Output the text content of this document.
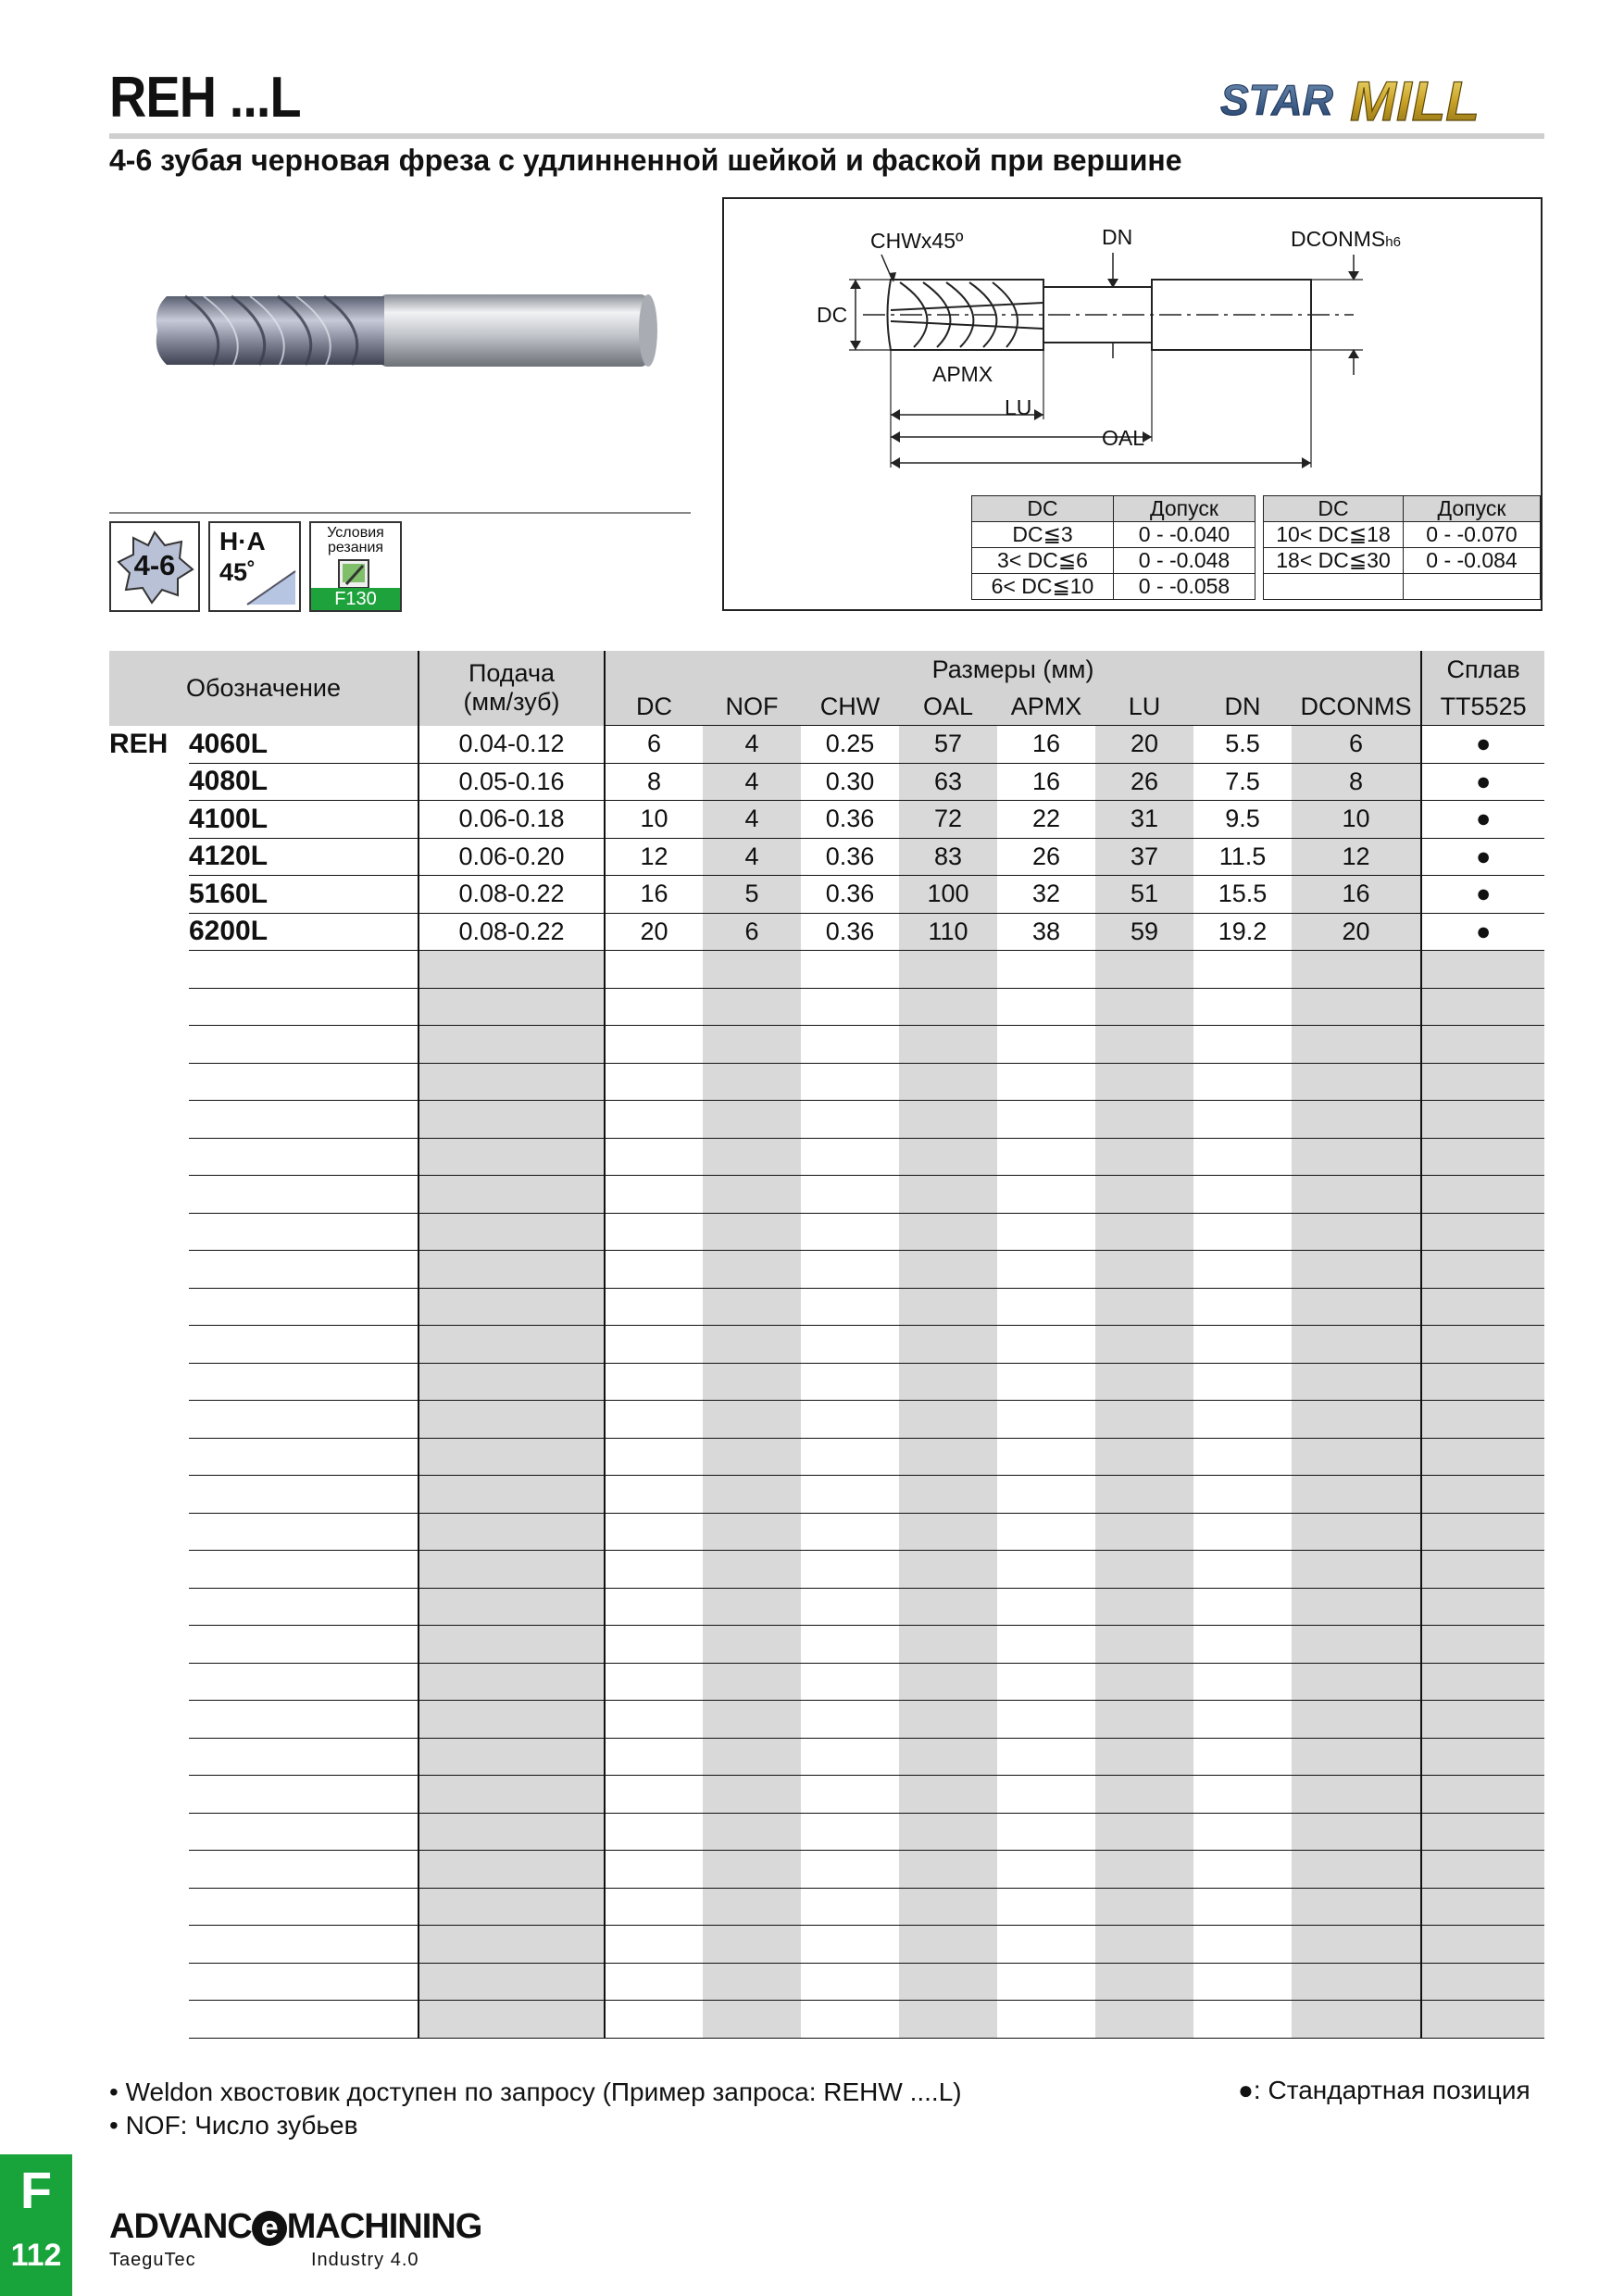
REH ...L
4-6 зубая черновая фреза с удлинненной шейкой и фаской при вершине
STAR MILL
4-6
H·A
45˚
Условия
резания
F130
CHWx45º	DN	DCONMSh6
DC
APMX
LU
OAL
DC	Допуск
DC≦3	0 - -0.040
3< DC≦6	0 - -0.048
6< DC≦10	0 - -0.058
DC	Допуск
10< DC≦18	0 - -0.070
18< DC≦30	0 - -0.084

Обозначение		Подача
(мм/зуб)	Размеры (мм)								Сплав
			DC	NOF	CHW	OAL	APMX	LU	DN	DCONMS	TT5525
REH	4060L	0.04-0.12	6	4	0.25	57	16	20	5.5	6	●
	4080L	0.05-0.16	8	4	0.30	63	16	26	7.5	8	●
	4100L	0.06-0.18	10	4	0.36	72	22	31	9.5	10	●
	4120L	0.06-0.20	12	4	0.36	83	26	37	11.5	12	●
	5160L	0.08-0.22	16	5	0.36	100	32	51	15.5	16	●
	6200L	0.08-0.22	20	6	0.36	110	38	59	19.2	20	●

• Weldon хвостовик доступен по запросу (Пример запроса: REHW ....L)
• NOF: Число зубьев
●: Стандартная позиция
F
112
ADVANC e MACHINING
TaeguTec	Industry 4.0
